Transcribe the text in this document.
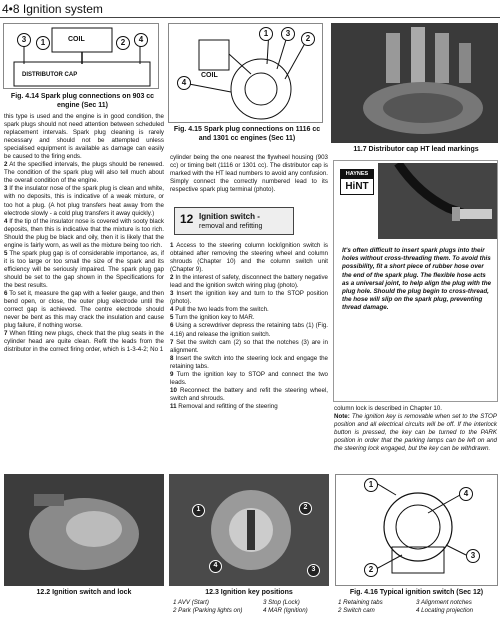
4•8 Ignition system
3	1	2	4
COIL
DISTRIBUTOR CAP
Fig. 4.14 Spark plug connections on 903 cc engine (Sec 11)
1	3
2
4
COIL
Fig. 4.15 Spark plug connections on 1116 cc and 1301 cc engines (Sec 11)
11.7 Distributor cap HT lead markings

this type is used and the engine is in good condition, the spark plugs should not need attention between scheduled replacement intervals. Spark plug cleaning is rarely necessary and should not be attempted unless specialised equipment is available as damage can easily be caused to the firing ends.

2 At the specified intervals, the plugs should be renewed. The condition of the spark plug will also tell much about the overall condition of the engine.

3 If the insulator nose of the spark plug is clean and white, with no deposits, this is indicative of a weak mixture, or too hot a plug. (A hot plug transfers heat away from the electrode slowly - a cold plug transfers it away quickly.)

4 If the tip of the insulator nose is covered with sooty black deposits, then this is indicative that the mixture is too rich. Should the plug be black and oily, then it is likely that the engine is fairly worn, as well as the mixture being too rich.

5 The spark plug gap is of considerable importance, as, if it is too large or too small the size of the spark and its efficiency will be seriously impaired. The spark plug gap should be set to the gap shown in the Specifications for the best results.

6 To set it, measure the gap with a feeler gauge, and then bend open, or close, the outer plug electrode until the correct gap is achieved. The centre electrode should never be bent as this may crack the insulation and cause plug failure, if nothing worse.

7 When fitting new plugs, check that the plug seats in the cylinder head are quite clean. Refit the leads from the distributor in the correct firing order, which is 1-3-4-2; No 1

cylinder being the one nearest the flywheel housing (903 cc) or timing belt (1116 or 1301 cc). The distributor cap is marked with the HT lead numbers to avoid any confusion. Simply connect the correctly numbered lead to its respective spark plug terminal (photo).

12 Ignition switch -
removal and refitting

1 Access to the steering column lock/ignition switch is obtained after removing the steering wheel and column shrouds (Chapter 10) and the column switch unit (Chapter 9).

2 In the interest of safety, disconnect the battery negative lead and the ignition switch wiring plug (photo).

3 Insert the ignition key and turn to the STOP position (photo).

4 Pull the two leads from the switch.

5 Turn the ignition key to MAR.

6 Using a screwdriver depress the retaining tabs (1) (Fig. 4.16) and release the ignition switch.

7 Set the switch cam (2) so that the notches (3) are in alignment.

8 Insert the switch into the steering lock and engage the retaining tabs.

9 Turn the ignition key to STOP and connect the two leads.

10 Reconnect the battery and refit the steering wheel, switch and shrouds.

11 Removal and refitting of the steering

HAYNES
HiNT
It's often difficult to insert spark plugs into their holes without cross-threading them. To avoid this possibility, fit a short piece of rubber hose over the end of the spark plug. The flexible hose acts as a universal joint, to help align the plug with the plug hole. Should the plug begin to cross-thread, the hose will slip on the spark plug, preventing thread damage.

column lock is described in Chapter 10.

Note: The ignition key is removable when set to the STOP position and all electrical circuits will be off. If the interlock button is pressed, the key can be turned to the PARK position in order that the parking lamps can be left on and the steering lock engaged, but the key can be withdrawn.

12.2 Ignition switch and lock
1	2
3
4
12.3 Ignition key positions
1 AVV (Start)
2 Park (Parking lights on)
3 Stop (Lock)
4 MAR (Ignition)
1
4
3
2
Fig. 4.16 Typical ignition switch (Sec 12)
1 Retaining tabs
2 Switch cam
3 Alignment notches
4 Locating projection
